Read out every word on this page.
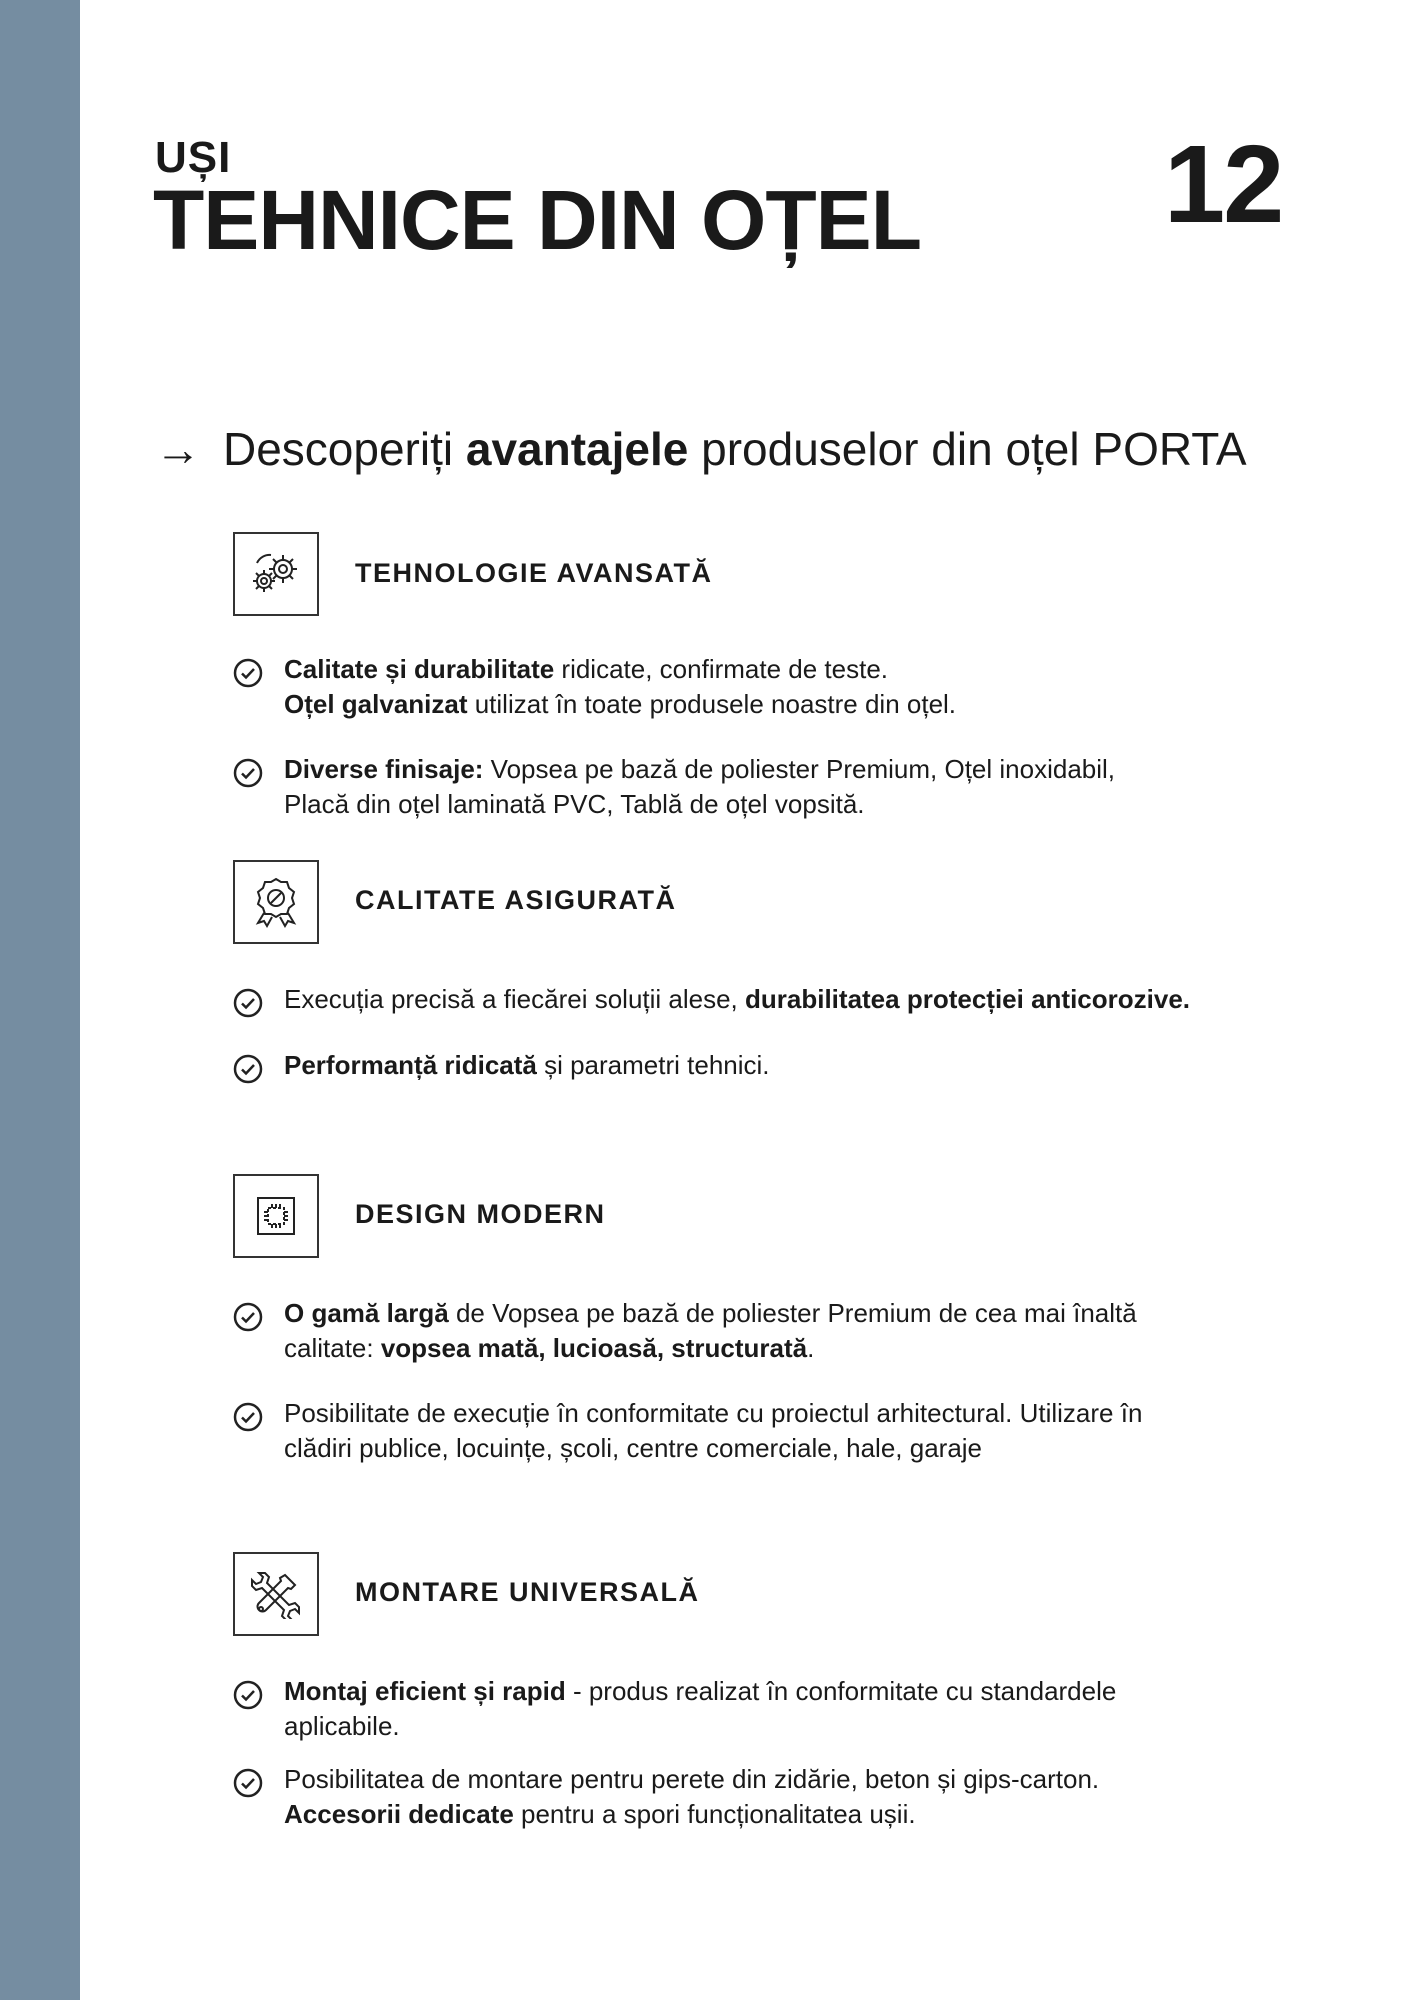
UȘI
TEHNICE DIN OȚEL 12
→ Descoperiți avantajele produselor din oțel PORTA
TEHNOLOGIE AVANSATĂ
Calitate și durabilitate ridicate, confirmate de teste.
Oțel galvanizat utilizat în toate produsele noastre din oțel.
Diverse finisaje: Vopsea pe bază de poliester Premium, Oțel inoxidabil,
Placă din oțel laminată PVC, Tablă de oțel vopsită.
CALITATE ASIGURATĂ
Execuția precisă a fiecărei soluții alese, durabilitatea protecției anticorozive.
Performanță ridicată și parametri tehnici.
DESIGN MODERN
O gamă largă de Vopsea pe bază de poliester Premium de cea mai înaltă
calitate: vopsea mată, lucioasă, structurată.
Posibilitate de execuție în conformitate cu proiectul arhitectural. Utilizare în
clădiri publice, locuințe, școli, centre comerciale, hale, garaje
MONTARE UNIVERSALĂ
Montaj eficient și rapid - produs realizat în conformitate cu standardele
aplicabile.
Posibilitatea de montare pentru perete din zidărie, beton și gips-carton.
Accesorii dedicate pentru a spori funcționalitatea ușii.
